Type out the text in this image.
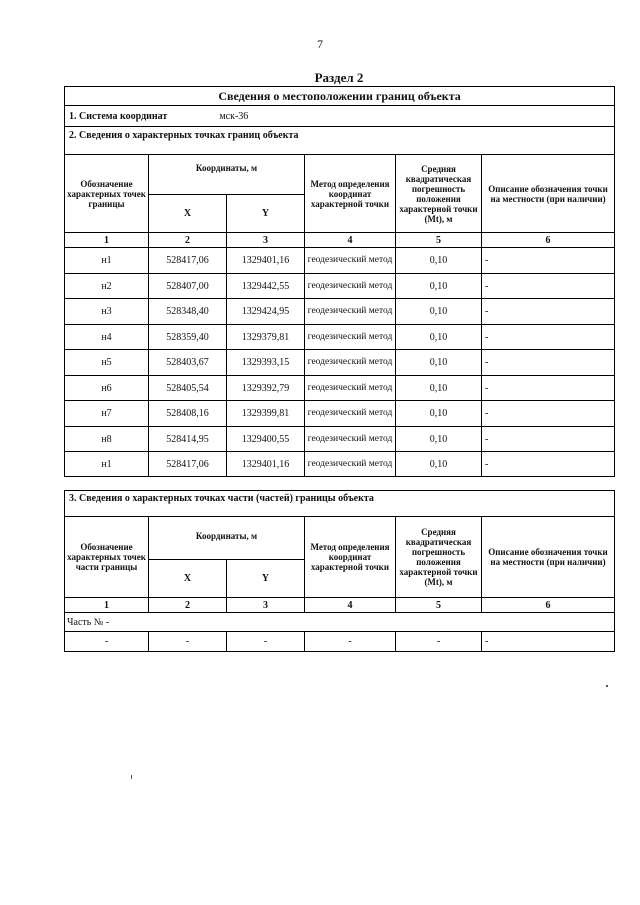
7
Раздел 2
Сведения о местоположении границ объекта					
1. Система координат мск-36					
2. Сведения о характерных точках границ объекта					
Обозначение характерных точек границы	Координаты, м		Метод определения координат характерной точки	Средняя квадратическая погрешность положения характерной точки (Mt), м	Описание обозначения точки на местности (при наличии)
	X	Y			
1	2	3	4	5	6
н1	528417,06	1329401,16	геодезический метод	0,10	-
н2	528407,00	1329442,55	геодезический метод	0,10	-
н3	528348,40	1329424,95	геодезический метод	0,10	-
н4	528359,40	1329379,81	геодезический метод	0,10	-
н5	528403,67	1329393,15	геодезический метод	0,10	-
н6	528405,54	1329392,79	геодезический метод	0,10	-
н7	528408,16	1329399,81	геодезический метод	0,10	-
н8	528414,95	1329400,55	геодезический метод	0,10	-
н1	528417,06	1329401,16	геодезический метод	0,10	-
3. Сведения о характерных точках части (частей) границы объекта					
Обозначение характерных точек части границы	Координаты, м		Метод определения координат характерной точки	Средняя квадратическая погрешность положения характерной точки (Mt), м	Описание обозначения точки на местности (при наличии)
	X	Y			
1	2	3	4	5	6
Часть № -					
-	-	-	-	-	-
